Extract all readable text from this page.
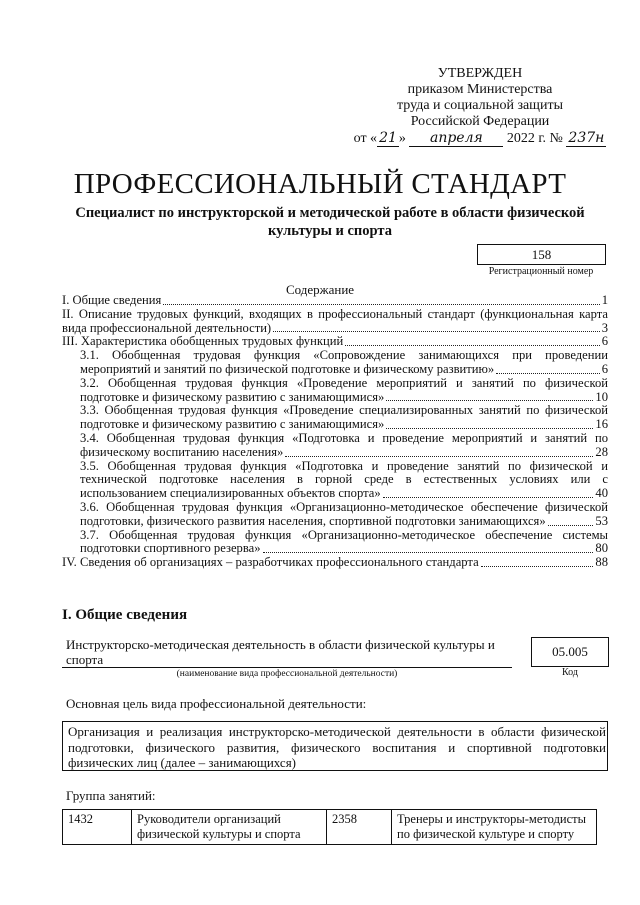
УТВЕРЖДЕН
приказом Министерства
труда и социальной защиты
Российской Федерации
от « 21 » апреля 2022 г. № 237н
ПРОФЕССИОНАЛЬНЫЙ СТАНДАРТ
Специалист по инструкторской и методической работе в области физической культуры и спорта
158
Регистрационный номер
Содержание
I. Общие сведения	1
II. Описание трудовых функций, входящих в профессиональный стандарт (функциональная карта
вида профессиональной деятельности)	3
III. Характеристика обобщенных трудовых функций	6
3.1. Обобщенная трудовая функция «Сопровождение занимающихся при проведении
мероприятий и занятий по физической подготовке и физическому развитию»	6
3.2. Обобщенная трудовая функция «Проведение мероприятий и занятий по физической
подготовке и физическому развитию с занимающимися»	10
3.3. Обобщенная трудовая функция «Проведение специализированных занятий по физической
подготовке и физическому развитию с занимающимися»	16
3.4. Обобщенная трудовая функция «Подготовка и проведение мероприятий и занятий по
физическому воспитанию населения»	28
3.5. Обобщенная трудовая функция «Подготовка и проведение занятий по физической и
технической подготовке населения в горной среде в естественных условиях или с
использованием специализированных объектов спорта»	40
3.6. Обобщенная трудовая функция «Организационно-методическое обеспечение физической
подготовки, физического развития населения, спортивной подготовки занимающихся»	53
3.7. Обобщенная трудовая функция «Организационно-методическое обеспечение системы
подготовки спортивного резерва»	80
IV. Сведения об организациях – разработчиках профессионального стандарта	88
I. Общие сведения
Инструкторско-методическая деятельность в области физической культуры и спорта
(наименование вида профессиональной деятельности)
05.005
Код
Основная цель вида профессиональной деятельности:
Организация и реализация инструкторско-методической деятельности в области физической подготовки, физического развития, физического воспитания и спортивной подготовки физических лиц (далее – занимающихся)
Группа занятий:
1432	Руководители организаций физической культуры и спорта	2358	Тренеры и инструкторы-методисты по физической культуре и спорту
